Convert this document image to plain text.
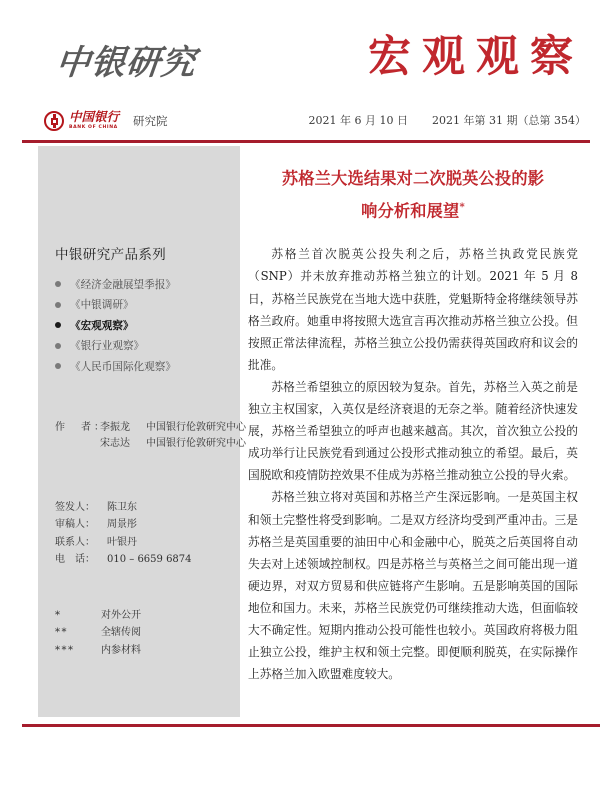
中银研究	宏观观察
中国银行
BANK OF CHINA 研究院	2021 年 6 月 10 日 2021 年第 31 期（总第 354）
中银研究产品系列
《经济金融展望季报》
《中银调研》
《宏观观察》
《银行业观察》
《人民币国际化观察》
作　者：
李振龙	中国银行伦敦研究中心
宋志达	中国银行伦敦研究中心
签发人：	陈卫东
审稿人：	周景彤
联系人：	叶银丹
电　话：	010 – 6659 6874
*	对外公开
**	全辖传阅
***	内参材料
苏格兰大选结果对二次脱英公投的影
响分析和展望*

苏格兰首次脱英公投失利之后，苏格兰执政党民族党（SNP）并未放弃推动苏格兰独立的计划。2021 年 5 月 8 日，苏格兰民族党在当地大选中获胜，党魁斯特金将继续领导苏格兰政府。她重申将按照大选宣言再次推动苏格兰独立公投。但按照正常法律流程，苏格兰独立公投仍需获得英国政府和议会的批准。

苏格兰希望独立的原因较为复杂。首先，苏格兰入英之前是独立主权国家，入英仅是经济衰退的无奈之举。随着经济快速发展，苏格兰希望独立的呼声也越来越高。其次，首次独立公投的成功举行让民族党看到通过公投形式推动独立的希望。最后，英国脱欧和疫情防控效果不佳成为苏格兰推动独立公投的导火索。

苏格兰独立将对英国和苏格兰产生深远影响。一是英国主权和领土完整性将受到影响。二是双方经济均受到严重冲击。三是苏格兰是英国重要的油田中心和金融中心，脱英之后英国将自动失去对上述领域控制权。四是苏格兰与英格兰之间可能出现一道硬边界，对双方贸易和供应链将产生影响。五是影响英国的国际地位和国力。未来，苏格兰民族党仍可继续推动大选，但面临较大不确定性。短期内推动公投可能性也较小。英国政府将极力阻止独立公投，维护主权和领土完整。即便顺利脱英，在实际操作上苏格兰加入欧盟难度较大。
